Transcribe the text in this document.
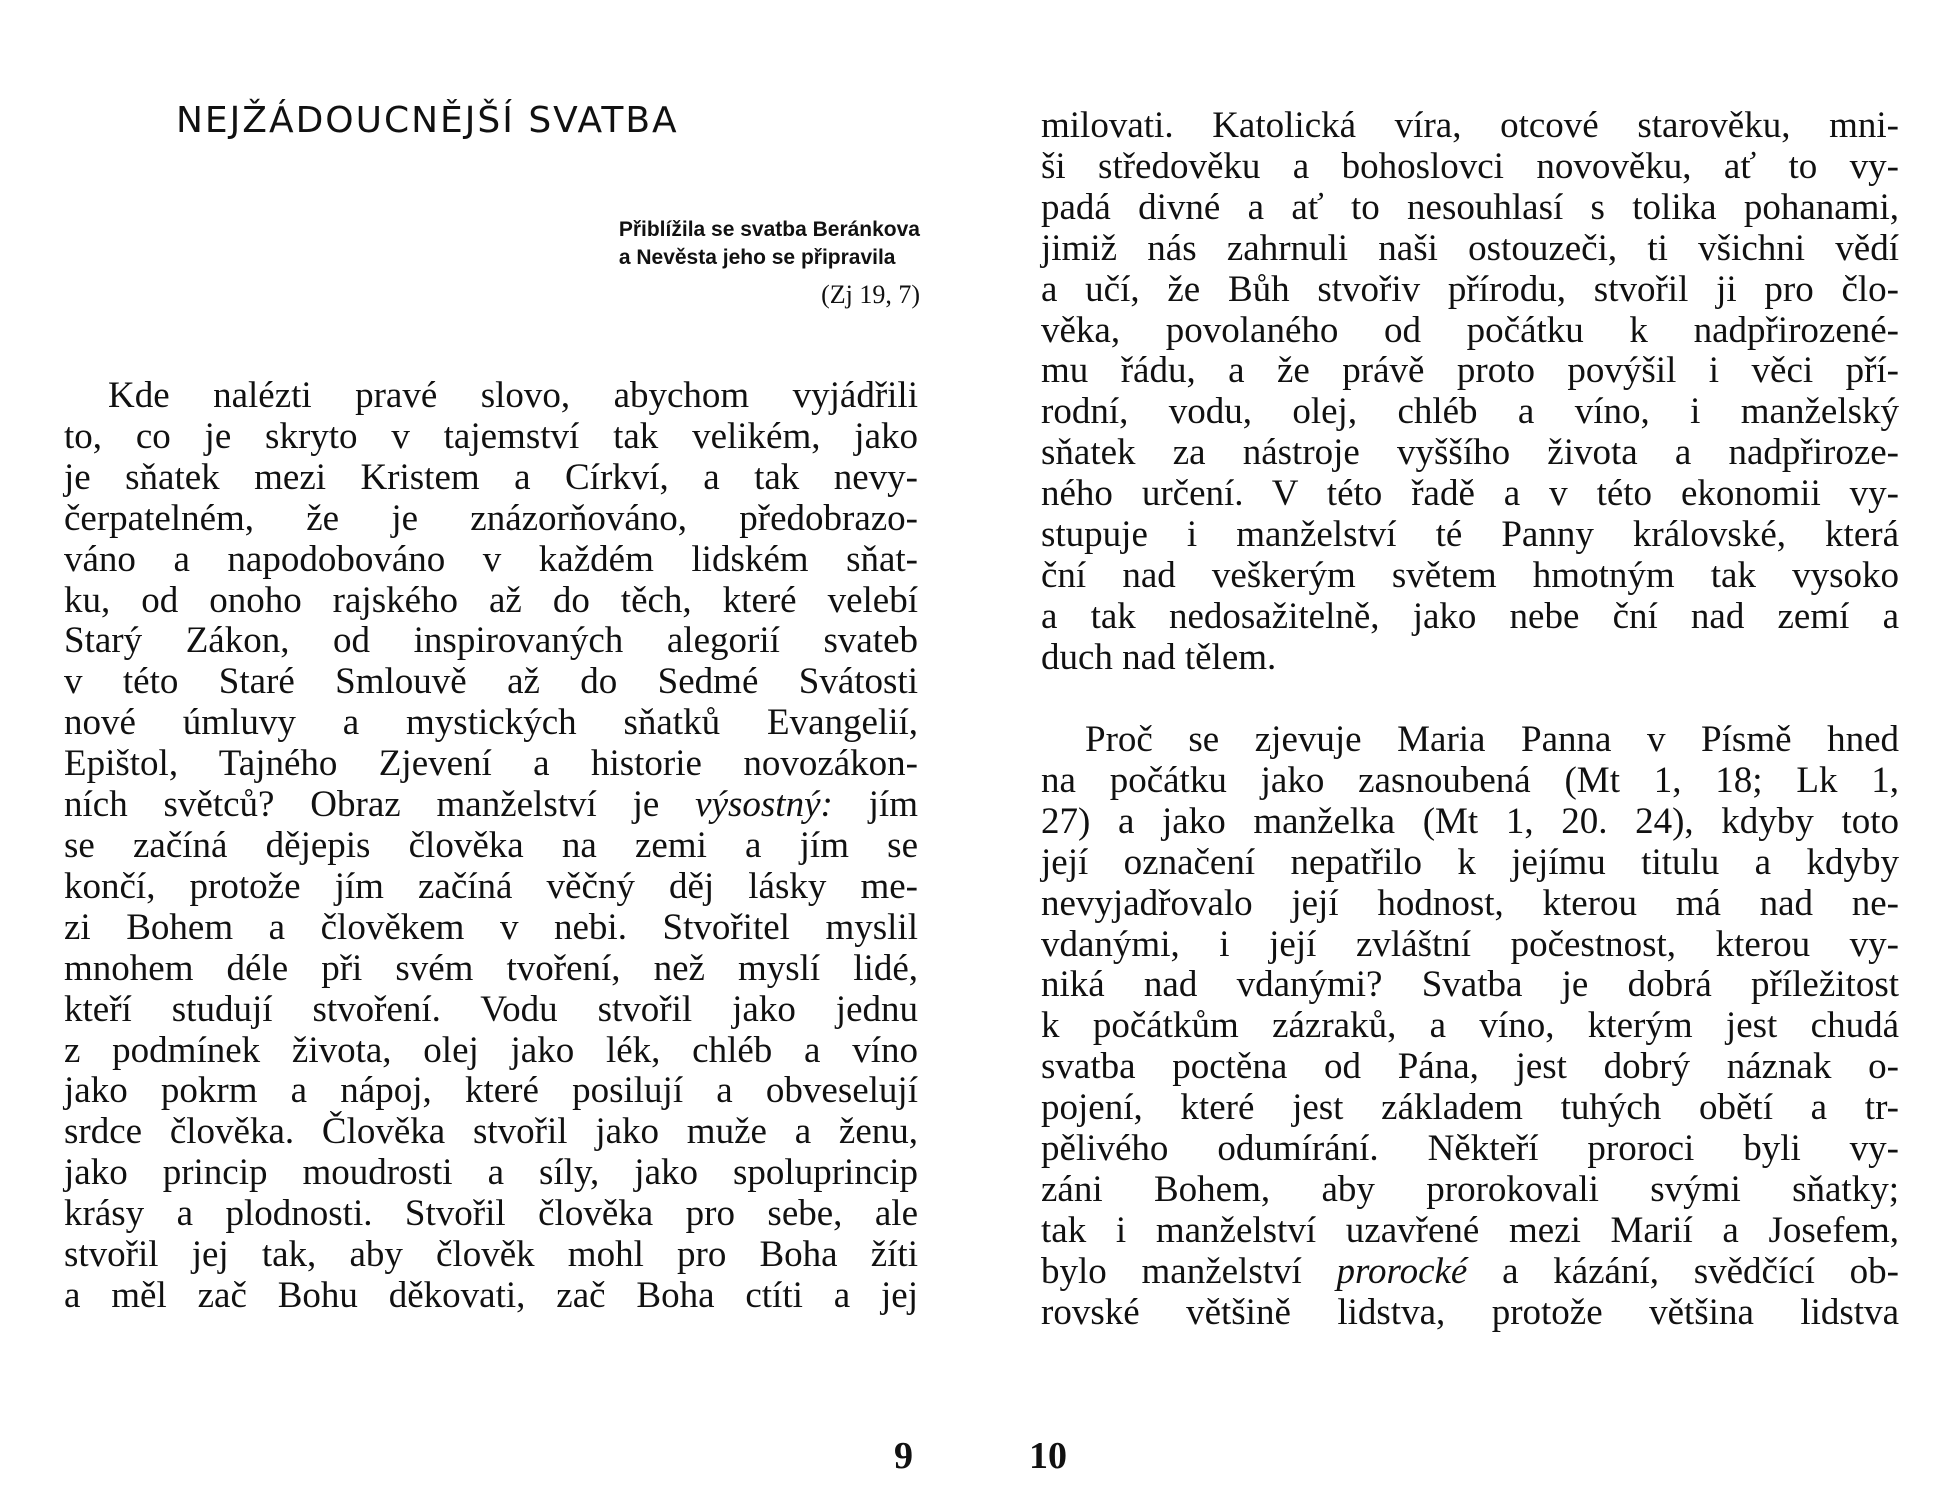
NEJŽÁDOUCNĚJŠÍ SVATBA
Přiblížila se svatba Beránkova
a Nevěsta jeho se připravila
(Zj 19, 7)
Kde nalézti pravé slovo, abychom vyjádřili
to, co je skryto v tajemství tak velikém, jako
je sňatek mezi Kristem a Církví, a tak nevy-
čerpatelném, že je znázorňováno, předobrazo-
váno a napodobováno v každém lidském sňat-
ku, od onoho rajského až do těch, které velebí
Starý Zákon, od inspirovaných alegorií svateb
v této Staré Smlouvě až do Sedmé Svátosti
nové úmluvy a mystických sňatků Evangelií,
Epištol, Tajného Zjevení a historie novozákon-
ních světců? Obraz manželství je výsostný: jím
se začíná dějepis člověka na zemi a jím se
končí, protože jím začíná věčný děj lásky me-
zi Bohem a člověkem v nebi. Stvořitel myslil
mnohem déle při svém tvoření, než myslí lidé,
kteří studují stvoření. Vodu stvořil jako jednu
z podmínek života, olej jako lék, chléb a víno
jako pokrm a nápoj, které posilují a obveselují
srdce člověka. Člověka stvořil jako muže a ženu,
jako princip moudrosti a síly, jako spoluprincip
krásy a plodnosti. Stvořil člověka pro sebe, ale
stvořil jej tak, aby člověk mohl pro Boha žíti
a měl zač Bohu děkovati, zač Boha ctíti a jej
9
milovati. Katolická víra, otcové starověku, mni-
ši středověku a bohoslovci novověku, ať to vy-
padá divné a ať to nesouhlasí s tolika pohanami,
jimiž nás zahrnuli naši ostouzeči, ti všichni vědí
a učí, že Bůh stvořiv přírodu, stvořil ji pro člo-
věka, povolaného od počátku k nadpřirozené-
mu řádu, a že právě proto povýšil i věci pří-
rodní, vodu, olej, chléb a víno, i manželský
sňatek za nástroje vyššího života a nadpřiroze-
ného určení. V této řadě a v této ekonomii vy-
stupuje i manželství té Panny královské, která
ční nad veškerým světem hmotným tak vysoko
a tak nedosažitelně, jako nebe ční nad zemí a
duch nad tělem.
Proč se zjevuje Maria Panna v Písmě hned
na počátku jako zasnoubená (Mt 1, 18; Lk 1,
27) a jako manželka (Mt 1, 20. 24), kdyby toto
její označení nepatřilo k jejímu titulu a kdyby
nevyjadřovalo její hodnost, kterou má nad ne-
vdanými, i její zvláštní počestnost, kterou vy-
niká nad vdanými? Svatba je dobrá příležitost
k počátkům zázraků, a víno, kterým jest chudá
svatba poctěna od Pána, jest dobrý náznak o-
pojení, které jest základem tuhých obětí a tr-
pělivého odumírání. Někteří proroci byli vy-
záni Bohem, aby prorokovali svými sňatky;
tak i manželství uzavřené mezi Marií a Josefem,
bylo manželství prorocké a kázání, svědčící ob-
rovské většině lidstva, protože většina lidstva
10
